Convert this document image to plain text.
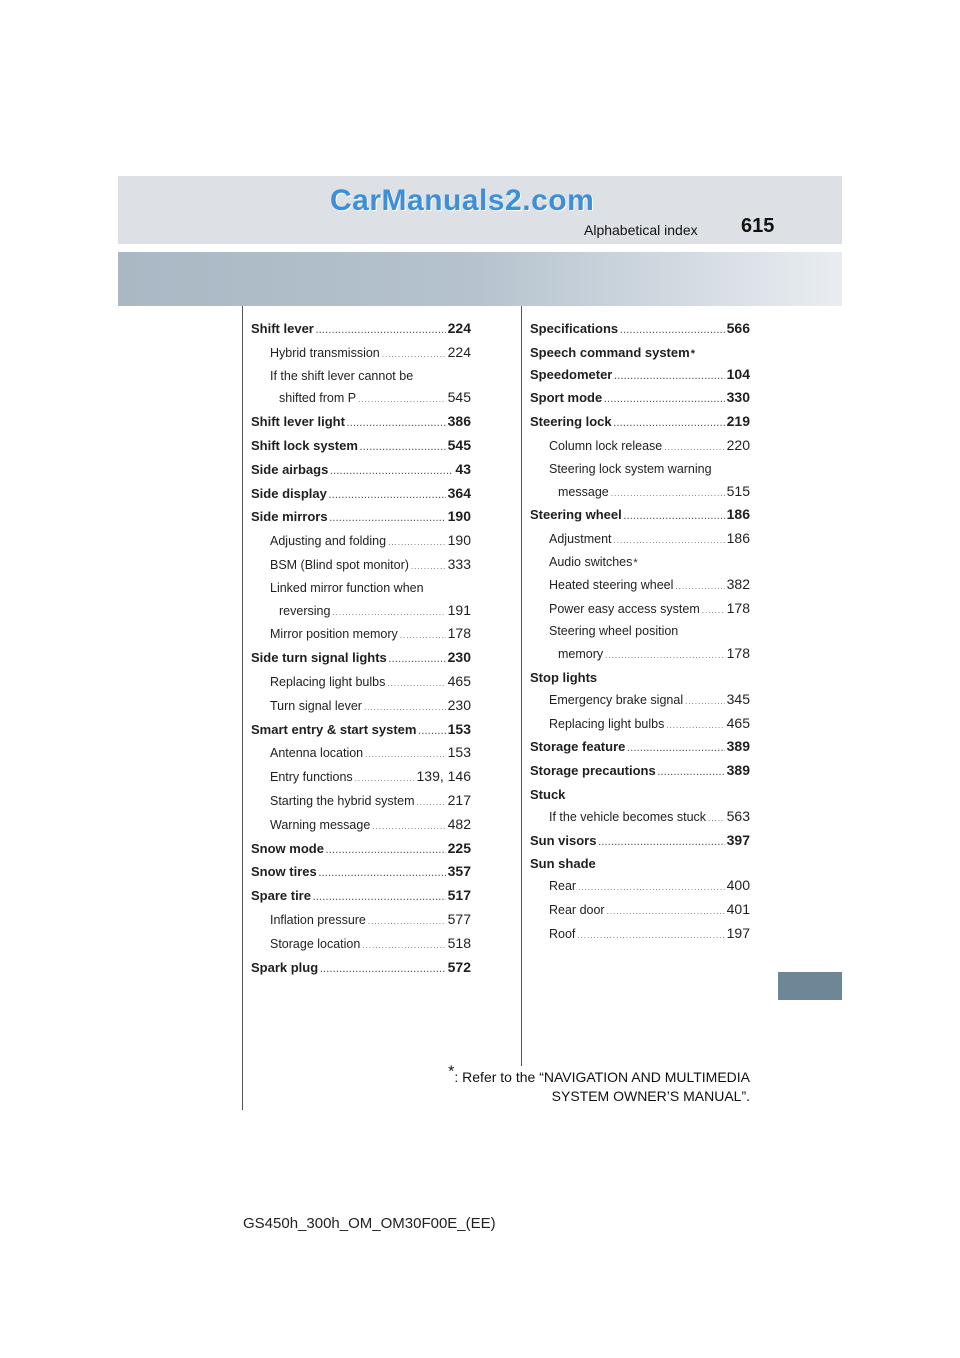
CarManuals2.com
Alphabetical index 615
Shift lever .....	224
Hybrid transmission .....	224
If the shift lever cannot be
shifted from P .....	545
Shift lever light .....	386
Shift lock system .....	545
Side airbags .....	43
Side display .....	364
Side mirrors .....	190
Adjusting and folding .....	190
BSM (Blind spot monitor) .....	333
Linked mirror function when
reversing .....	191
Mirror position memory .....	178
Side turn signal lights .....	230
Replacing light bulbs .....	465
Turn signal lever .....	230
Smart entry & start system ..... 153
Antenna location .....	153
Entry functions .....	139, 146
Starting the hybrid system ..... 217
Warning message .....	482
Snow mode .....	225
Snow tires .....	357
Spare tire .....	517
Inflation pressure .....	577
Storage location .....	518
Spark plug .....	572
Specifications .....	566
Speech command system *
Speedometer .....	104
Sport mode .....	330
Steering lock .....	219
Column lock release .....	220
Steering lock system warning
message .....	515
Steering wheel .....	186
Adjustment .....	186
Audio switches *
Heated steering wheel .....	382
Power easy access system ..... 178
Steering wheel position
memory .....	178
Stop lights
Emergency brake signal .....	345
Replacing light bulbs .....	465
Storage feature .....	389
Storage precautions .....	389
Stuck
If the vehicle becomes stuck ..... 563
Sun visors .....	397
Sun shade
Rear .....	400
Rear door .....	401
Roof .....	197
*: Refer to the “NAVIGATION AND MULTIMEDIA
SYSTEM OWNER’S MANUAL”.
GS450h_300h_OM_OM30F00E_(EE)
